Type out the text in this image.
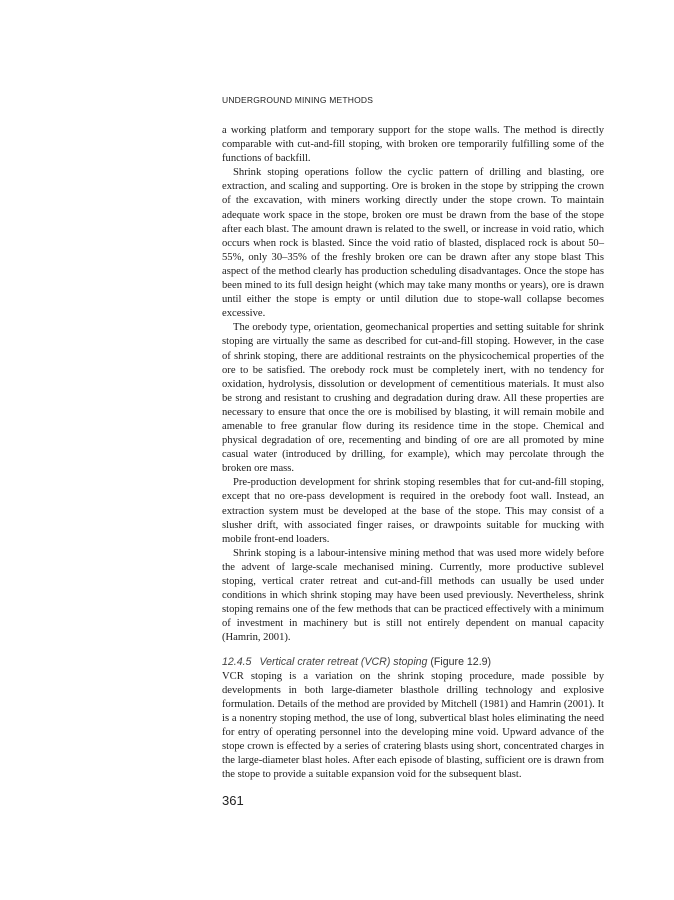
UNDERGROUND MINING METHODS

a working platform and temporary support for the stope walls. The method is directly comparable with cut-and-fill stoping, with broken ore temporarily fulfilling some of the functions of backfill.

Shrink stoping operations follow the cyclic pattern of drilling and blasting, ore extraction, and scaling and supporting. Ore is broken in the stope by stripping the crown of the excavation, with miners working directly under the stope crown. To maintain adequate work space in the stope, broken ore must be drawn from the base of the stope after each blast. The amount drawn is related to the swell, or increase in void ratio, which occurs when rock is blasted. Since the void ratio of blasted, displaced rock is about 50–55%, only 30–35% of the freshly broken ore can be drawn after any stope blast This aspect of the method clearly has production scheduling disadvantages. Once the stope has been mined to its full design height (which may take many months or years), ore is drawn until either the stope is empty or until dilution due to stope-wall collapse becomes excessive.

The orebody type, orientation, geomechanical properties and setting suitable for shrink stoping are virtually the same as described for cut-and-fill stoping. However, in the case of shrink stoping, there are additional restraints on the physicochemical properties of the ore to be satisfied. The orebody rock must be completely inert, with no tendency for oxidation, hydrolysis, dissolution or development of cementitious materials. It must also be strong and resistant to crushing and degradation during draw. All these properties are necessary to ensure that once the ore is mobilised by blasting, it will remain mobile and amenable to free granular flow during its residence time in the stope. Chemical and physical degradation of ore, recementing and binding of ore are all promoted by mine casual water (introduced by drilling, for example), which may percolate through the broken ore mass.

Pre-production development for shrink stoping resembles that for cut-and-fill stoping, except that no ore-pass development is required in the orebody foot wall. Instead, an extraction system must be developed at the base of the stope. This may consist of a slusher drift, with associated finger raises, or drawpoints suitable for mucking with mobile front-end loaders.

Shrink stoping is a labour-intensive mining method that was used more widely before the advent of large-scale mechanised mining. Currently, more productive sublevel stoping, vertical crater retreat and cut-and-fill methods can usually be used under conditions in which shrink stoping may have been used previously. Nevertheless, shrink stoping remains one of the few methods that can be practiced effectively with a minimum of investment in machinery but is still not entirely dependent on manual capacity (Hamrin, 2001).

12.4.5 Vertical crater retreat (VCR) stoping (Figure 12.9)

VCR stoping is a variation on the shrink stoping procedure, made possible by developments in both large-diameter blasthole drilling technology and explosive formulation. Details of the method are provided by Mitchell (1981) and Hamrin (2001). It is a nonentry stoping method, the use of long, subvertical blast holes eliminating the need for entry of operating personnel into the developing mine void. Upward advance of the stope crown is effected by a series of cratering blasts using short, concentrated charges in the large-diameter blast holes. After each episode of blasting, sufficient ore is drawn from the stope to provide a suitable expansion void for the subsequent blast.

361
